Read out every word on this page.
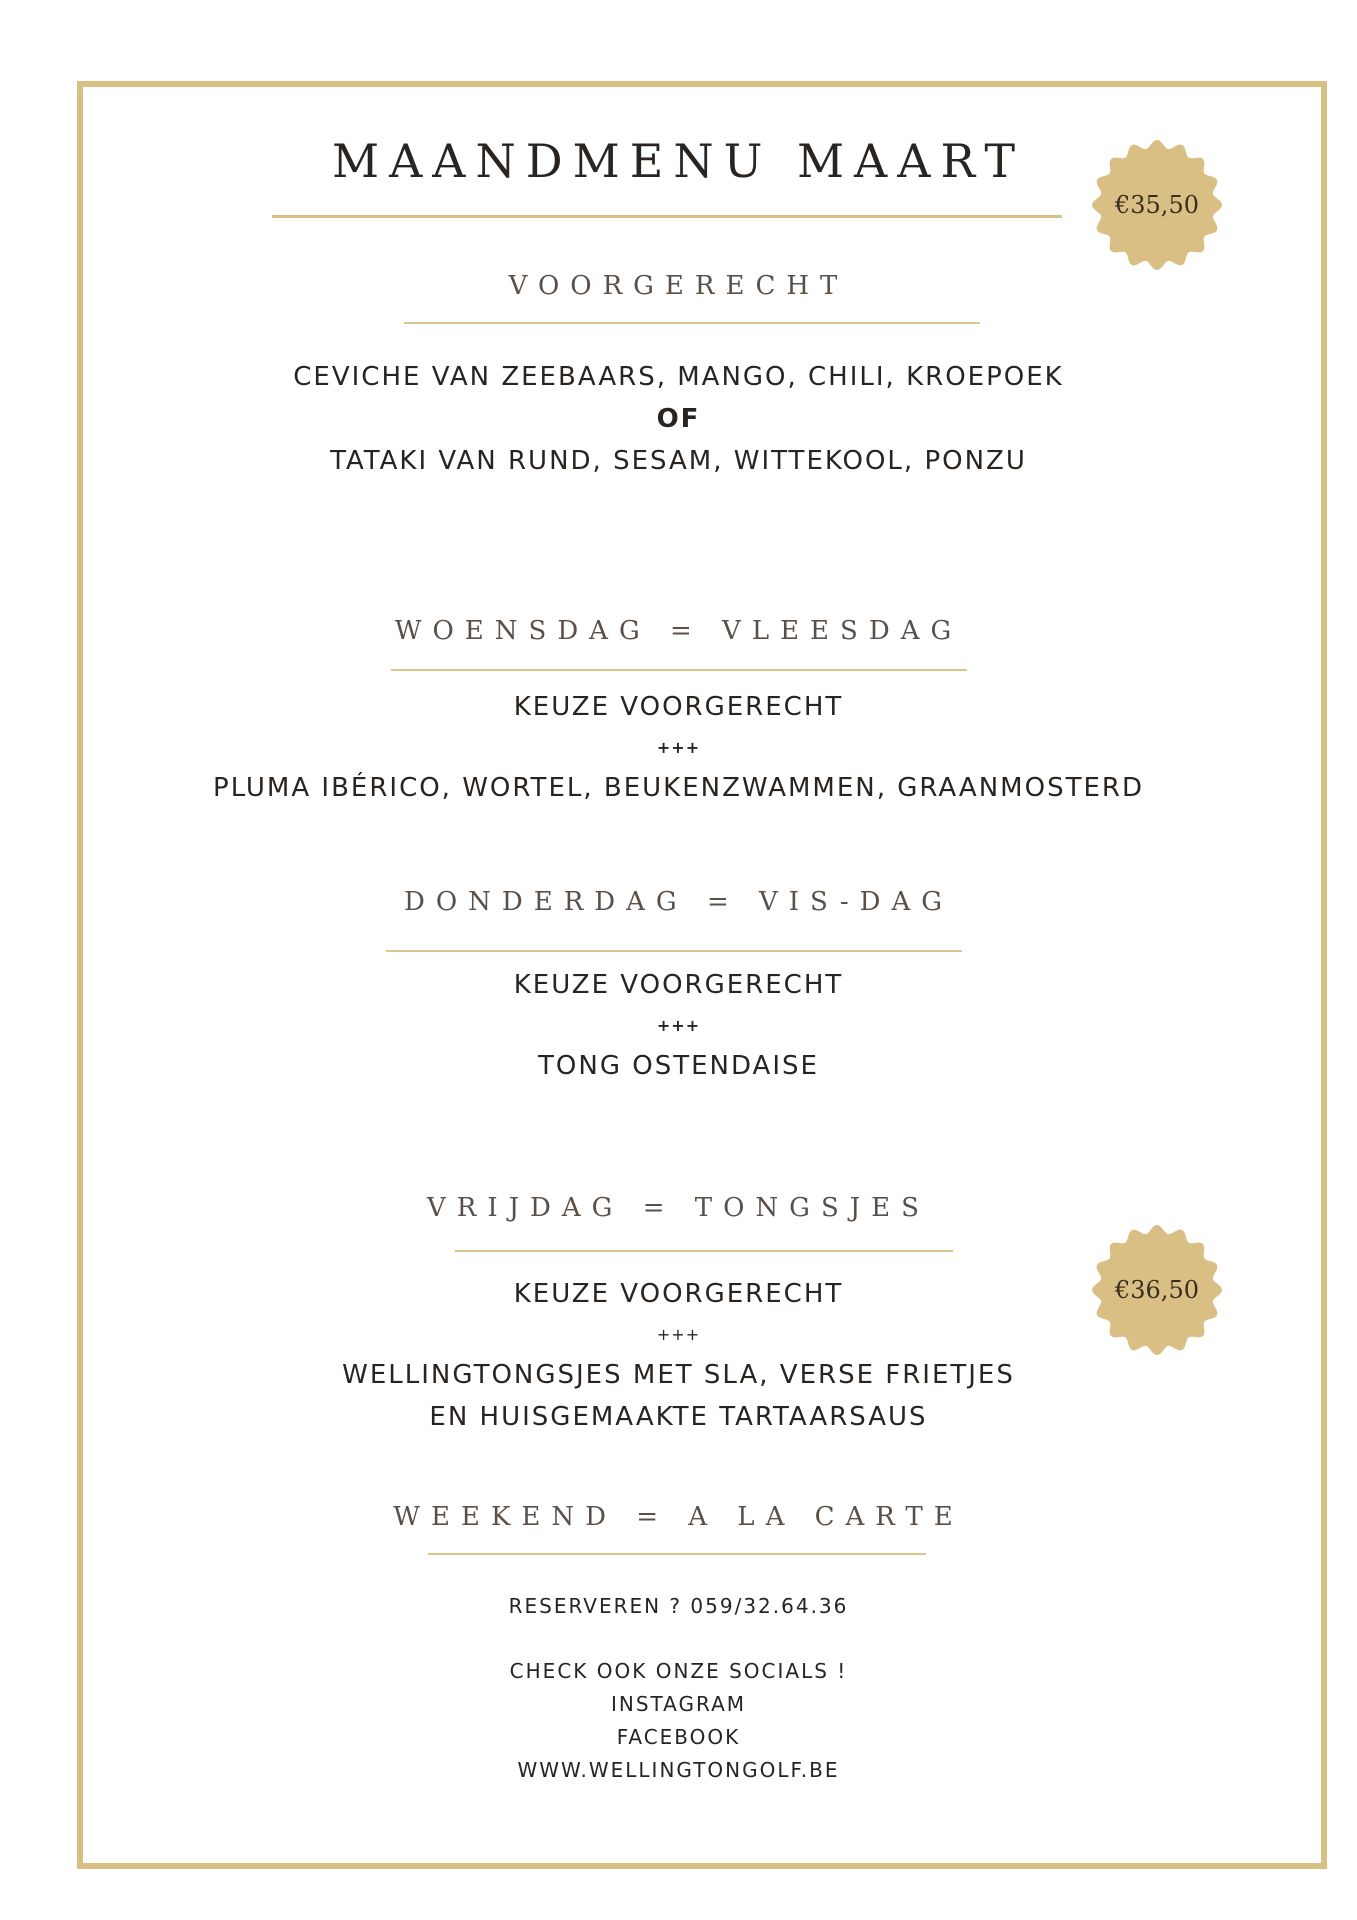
MAANDMENU MAART
€35,50
VOORGERECHT
CEVICHE VAN ZEEBAARS, MANGO, CHILI, KROEPOEK
OF
TATAKI VAN RUND, SESAM, WITTEKOOL, PONZU
WOENSDAG = VLEESDAG
KEUZE VOORGERECHT
+++
PLUMA IBÉRICO, WORTEL, BEUKENZWAMMEN, GRAANMOSTERD
DONDERDAG = VIS-DAG
KEUZE VOORGERECHT
+++
TONG OSTENDAISE
VRIJDAG = TONGSJES
KEUZE VOORGERECHT
+++
WELLINGTONGSJES MET SLA, VERSE FRIETJES
EN HUISGEMAAKTE TARTAARSAUS
€36,50
WEEKEND = A LA CARTE
RESERVEREN ? 059/32.64.36
CHECK OOK ONZE SOCIALS !
INSTAGRAM
FACEBOOK
WWW.WELLINGTONGOLF.BE
